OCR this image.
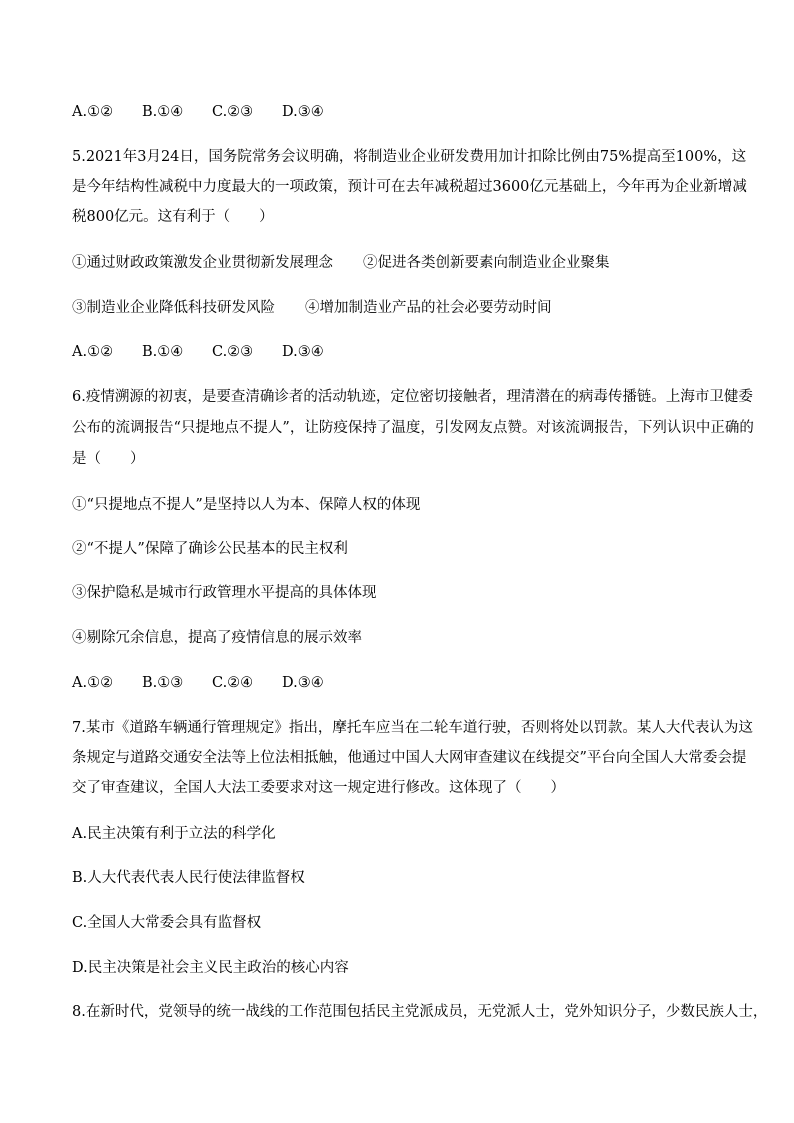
A.①② B.①④ C.②③ D.③④
5.2021年3月24日，国务院常务会议明确，将制造业企业研发费用加计扣除比例由75%提高至100%，这
是今年结构性减税中力度最大的一项政策，预计可在去年减税超过3600亿元基础上，今年再为企业新增减
税800亿元。这有利于（　　）
①通过财政政策激发企业贯彻新发展理念 ②促进各类创新要素向制造业企业聚集
③制造业企业降低科技研发风险 ④增加制造业产品的社会必要劳动时间
A.①② B.①④ C.②③ D.③④
6.疫情溯源的初衷，是要查清确诊者的活动轨迹，定位密切接触者，理清潜在的病毒传播链。上海市卫健委
公布的流调报告“只提地点不提人”，让防疫保持了温度，引发网友点赞。对该流调报告，下列认识中正确的
是（　　）
①“只提地点不提人”是坚持以人为本、保障人权的体现
②“不提人”保障了确诊公民基本的民主权利
③保护隐私是城市行政管理水平提高的具体体现
④剔除冗余信息，提高了疫情信息的展示效率
A.①② B.①③ C.②④ D.③④
7.某市《道路车辆通行管理规定》指出，摩托车应当在二轮车道行驶，否则将处以罚款。某人大代表认为这
条规定与道路交通安全法等上位法相抵触，他通过中国人大网审查建议在线提交”平台向全国人大常委会提
交了审查建议，全国人大法工委要求对这一规定进行修改。这体现了（　　）
A.民主决策有利于立法的科学化
B.人大代表代表人民行使法律监督权
C.全国人大常委会具有监督权
D.民主决策是社会主义民主政治的核心内容
8.在新时代，党领导的统一战线的工作范围包括民主党派成员，无党派人士，党外知识分子，少数民族人士，
